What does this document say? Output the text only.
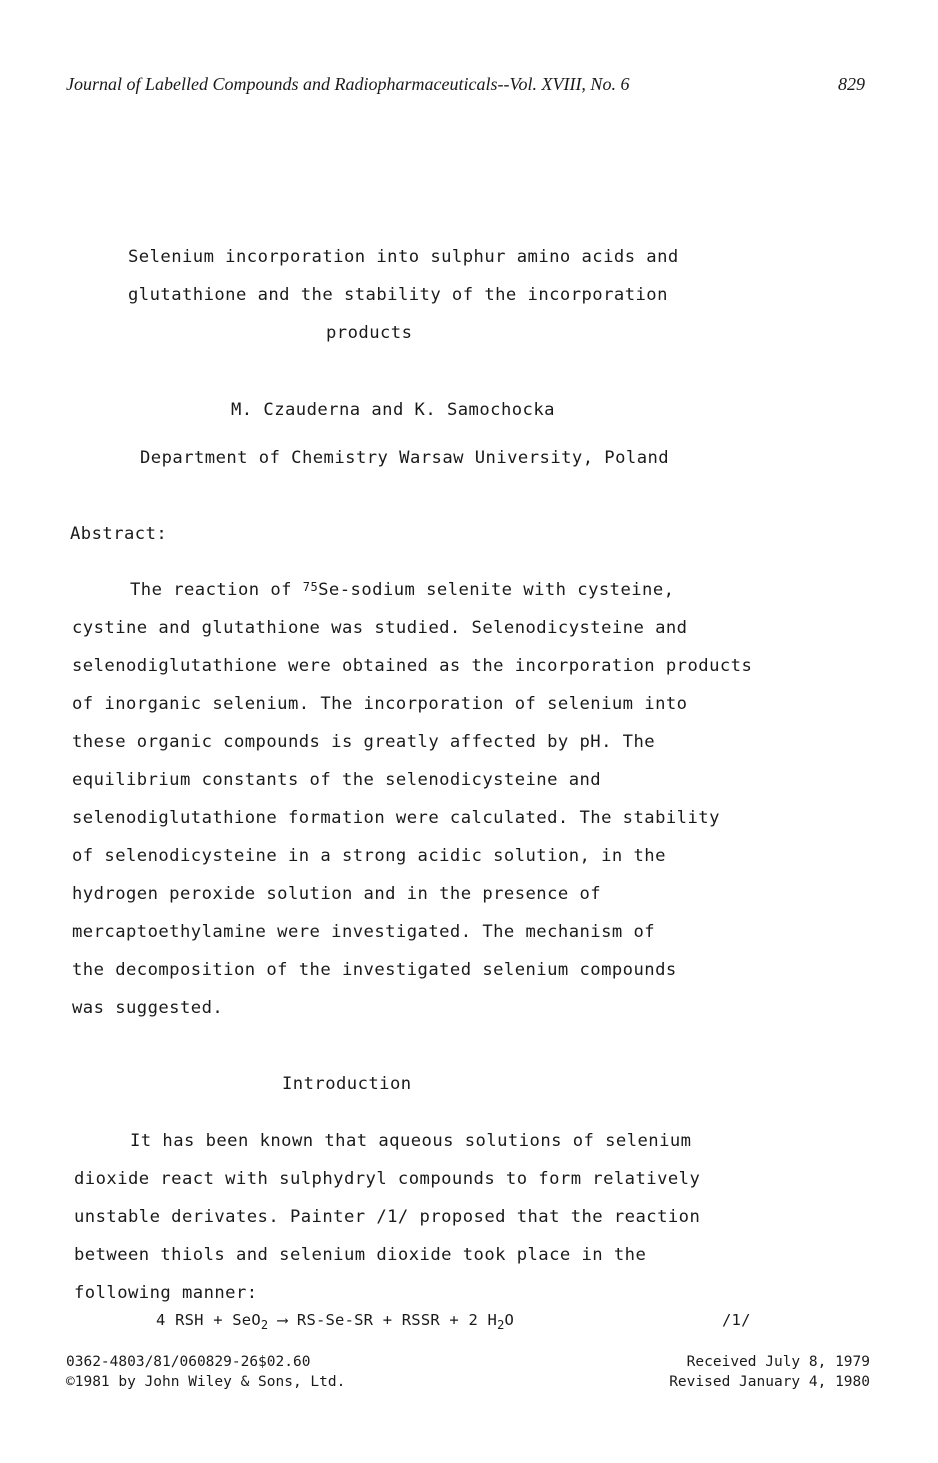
Journal of Labelled Compounds and Radiopharmaceuticals--Vol. XVIII, No. 6	829
Selenium incorporation into sulphur amino acids and
glutathione and the stability of the incorporation
products
M. Czauderna and K. Samochocka
Department of Chemistry Warsaw University, Poland
Abstract:
The reaction of $^{75}$Se-sodium selenite with cysteine,
cystine and glutathione was studied. Selenodicysteine and
selenodiglutathione were obtained as the incorporation products
of inorganic selenium. The incorporation of selenium into
these organic compounds is greatly affected by pH. The
equilibrium constants of the selenodicysteine and
selenodiglutathione formation were calculated. The stability
of selenodicysteine in a strong acidic solution, in the
hydrogen peroxide solution and in the presence of
mercaptoethylamine were investigated. The mechanism of
the decomposition of the investigated selenium compounds
was suggested.
Introduction
It has been known that aqueous solutions of selenium
dioxide react with sulphydryl compounds to form relatively
unstable derivates. Painter /1/ proposed that the reaction
between thiols and selenium dioxide took place in the
following manner:
4 RSH + SeO$_2$ ⟶ RS-Se-SR + RSSR + 2 $H_2O$	/1/
0362-4803/81/060829-26$02.60
©1981 by John Wiley & Sons, Ltd.
Received July 8, 1979
Revised January 4, 1980
